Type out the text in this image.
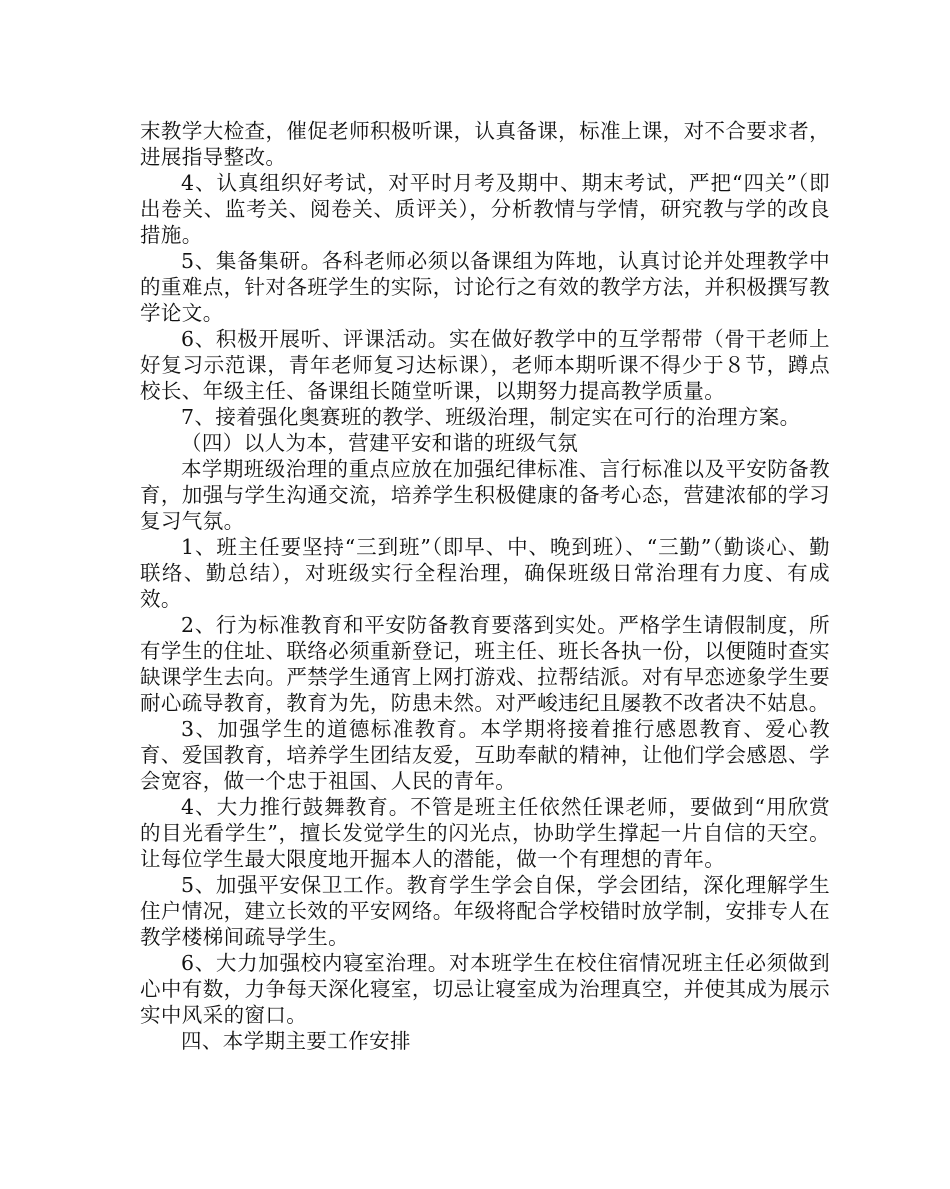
末教学大检查，催促老师积极听课，认真备课，标准上课，对不合要求者，进展指导整改。

4、认真组织好考试，对平时月考及期中、期末考试，严把“四关”（即出卷关、监考关、阅卷关、质评关），分析教情与学情，研究教与学的改良措施。

5、集备集研。各科老师必须以备课组为阵地，认真讨论并处理教学中的重难点，针对各班学生的实际，讨论行之有效的教学方法，并积极撰写教学论文。

6、积极开展听、评课活动。实在做好教学中的互学帮带（骨干老师上好复习示范课，青年老师复习达标课），老师本期听课不得少于８节，蹲点校长、年级主任、备课组长随堂听课，以期努力提高教学质量。

7、接着强化奥赛班的教学、班级治理，制定实在可行的治理方案。

（四）以人为本，营建平安和谐的班级气氛

本学期班级治理的重点应放在加强纪律标准、言行标准以及平安防备教育，加强与学生沟通交流，培养学生积极健康的备考心态，营建浓郁的学习复习气氛。

1、班主任要坚持“三到班”（即早、中、晚到班）、“三勤”（勤谈心、勤联络、勤总结），对班级实行全程治理，确保班级日常治理有力度、有成效。

2、行为标准教育和平安防备教育要落到实处。严格学生请假制度，所有学生的住址、联络必须重新登记，班主任、班长各执一份，以便随时查实缺课学生去向。严禁学生通宵上网打游戏、拉帮结派。对有早恋迹象学生要耐心疏导教育，教育为先，防患未然。对严峻违纪且屡教不改者决不姑息。

3、加强学生的道德标准教育。本学期将接着推行感恩教育、爱心教育、爱国教育，培养学生团结友爱，互助奉献的精神，让他们学会感恩、学会宽容，做一个忠于祖国、人民的青年。

4、大力推行鼓舞教育。不管是班主任依然任课老师，要做到“用欣赏的目光看学生”，擅长发觉学生的闪光点，协助学生撑起一片自信的天空。让每位学生最大限度地开掘本人的潜能，做一个有理想的青年。

5、加强平安保卫工作。教育学生学会自保，学会团结，深化理解学生住户情况，建立长效的平安网络。年级将配合学校错时放学制，安排专人在教学楼梯间疏导学生。

6、大力加强校内寝室治理。对本班学生在校住宿情况班主任必须做到心中有数，力争每天深化寝室，切忌让寝室成为治理真空，并使其成为展示实中风采的窗口。

四、本学期主要工作安排
